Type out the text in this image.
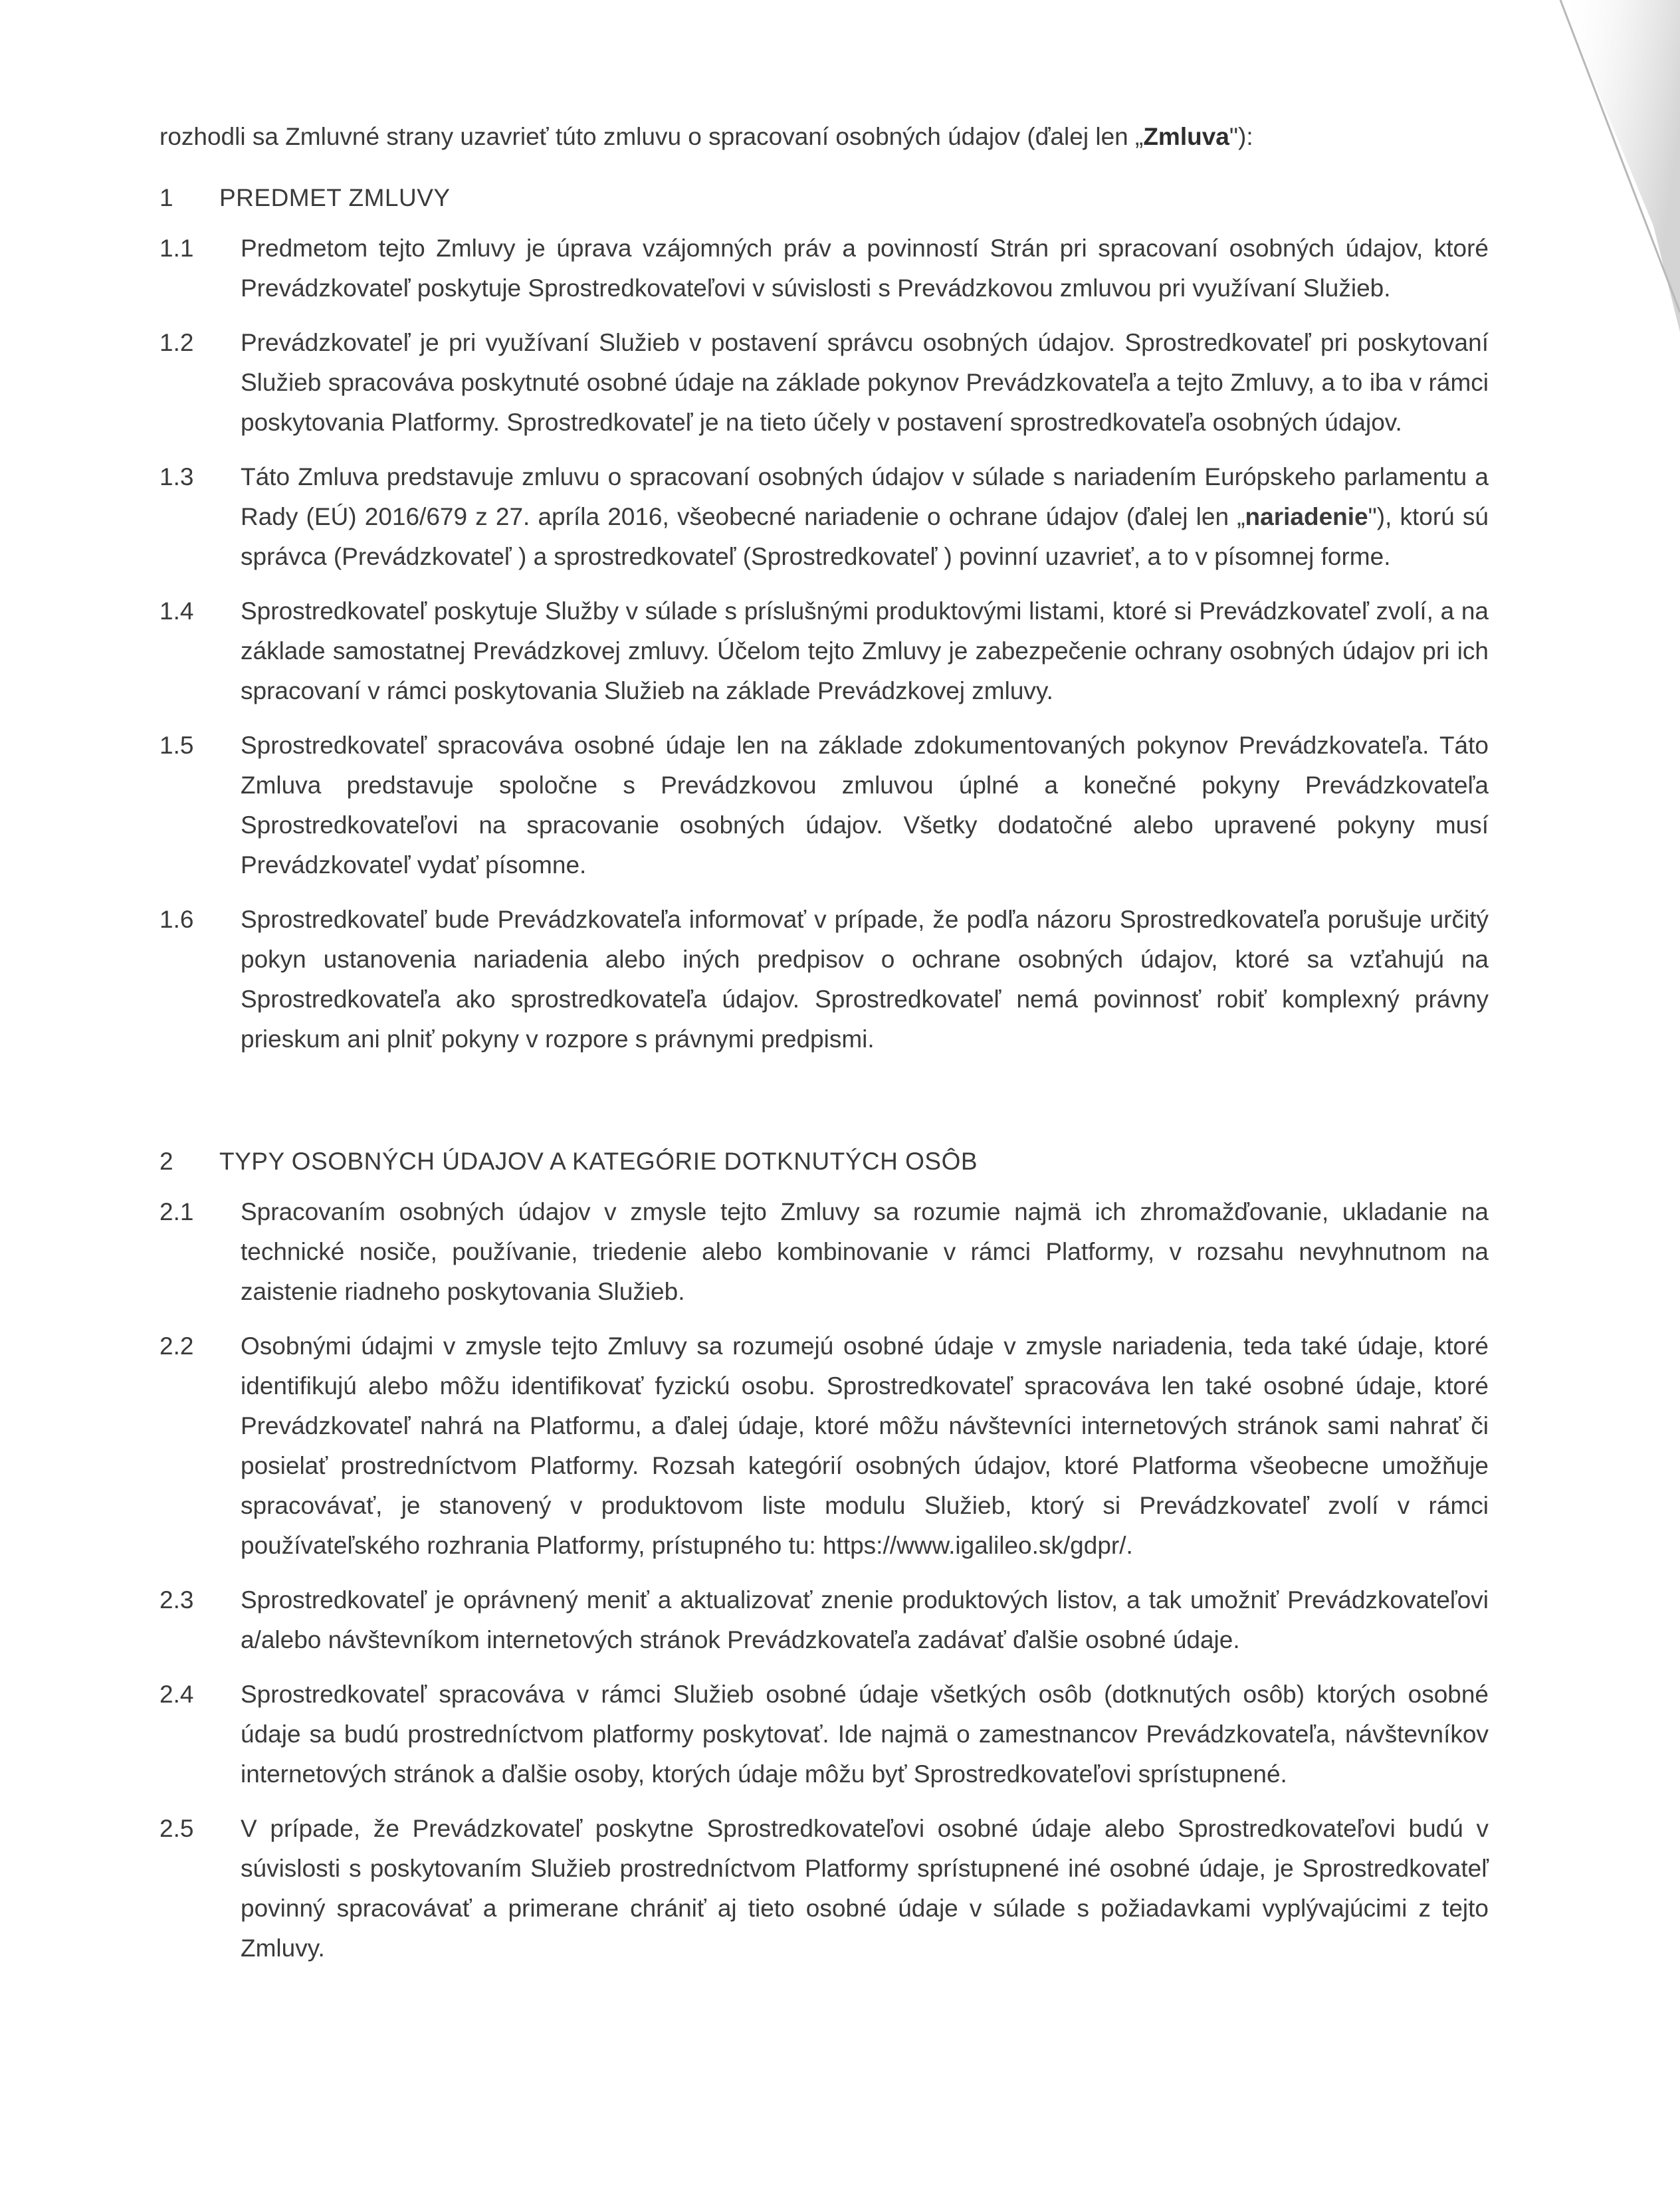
rozhodli sa Zmluvné strany uzavrieť túto zmluvu o spracovaní osobných údajov (ďalej len „Zmluva"):

1	PREDMET ZMLUVY
1.1	Predmetom tejto Zmluvy je úprava vzájomných práv a povinností Strán pri spracovaní osobných údajov, ktoré Prevádzkovateľ poskytuje Sprostredkovateľovi v súvislosti s Prevádzkovou zmluvou pri využívaní Služieb.
1.2	Prevádzkovateľ je pri využívaní Služieb v postavení správcu osobných údajov. Sprostredkovateľ pri poskytovaní Služieb spracováva poskytnuté osobné údaje na základe pokynov Prevádzkovateľa a tejto Zmluvy, a to iba v rámci poskytovania Platformy. Sprostredkovateľ je na tieto účely v postavení sprostredkovateľa osobných údajov.
1.3	Táto Zmluva predstavuje zmluvu o spracovaní osobných údajov v súlade s nariadením Európskeho parlamentu a Rady (EÚ) 2016/679 z 27. apríla 2016, všeobecné nariadenie o ochrane údajov (ďalej len „nariadenie"), ktorú sú správca (Prevádzkovateľ ) a sprostredkovateľ (Sprostredkovateľ ) povinní uzavrieť, a to v písomnej forme.
1.4	Sprostredkovateľ poskytuje Služby v súlade s príslušnými produktovými listami, ktoré si Prevádzkovateľ zvolí, a na základe samostatnej Prevádzkovej zmluvy. Účelom tejto Zmluvy je zabezpečenie ochrany osobných údajov pri ich spracovaní v rámci poskytovania Služieb na základe Prevádzkovej zmluvy.
1.5	Sprostredkovateľ spracováva osobné údaje len na základe zdokumentovaných pokynov Prevádzkovateľa. Táto Zmluva predstavuje spoločne s Prevádzkovou zmluvou úplné a konečné pokyny Prevádzkovateľa Sprostredkovateľovi na spracovanie osobných údajov. Všetky dodatočné alebo upravené pokyny musí Prevádzkovateľ vydať písomne.
1.6	Sprostredkovateľ bude Prevádzkovateľa informovať v prípade, že podľa názoru Sprostredkovateľa porušuje určitý pokyn ustanovenia nariadenia alebo iných predpisov o ochrane osobných údajov, ktoré sa vzťahujú na Sprostredkovateľa ako sprostredkovateľa údajov. Sprostredkovateľ nemá povinnosť robiť komplexný právny prieskum ani plniť pokyny v rozpore s právnymi predpismi.
2	TYPY OSOBNÝCH ÚDAJOV A KATEGÓRIE DOTKNUTÝCH OSÔB
2.1	Spracovaním osobných údajov v zmysle tejto Zmluvy sa rozumie najmä ich zhromažďovanie, ukladanie na technické nosiče, používanie, triedenie alebo kombinovanie v rámci Platformy, v rozsahu nevyhnutnom na zaistenie riadneho poskytovania Služieb.
2.2	Osobnými údajmi v zmysle tejto Zmluvy sa rozumejú osobné údaje v zmysle nariadenia, teda také údaje, ktoré identifikujú alebo môžu identifikovať fyzickú osobu. Sprostredkovateľ spracováva len také osobné údaje, ktoré Prevádzkovateľ nahrá na Platformu, a ďalej údaje, ktoré môžu návštevníci internetových stránok sami nahrať či posielať prostredníctvom Platformy. Rozsah kategórií osobných údajov, ktoré Platforma všeobecne umožňuje spracovávať, je stanovený v produktovom liste modulu Služieb, ktorý si Prevádzkovateľ zvolí v rámci používateľského rozhrania Platformy, prístupného tu: https://www.igalileo.sk/gdpr/.
2.3	Sprostredkovateľ je oprávnený meniť a aktualizovať znenie produktových listov, a tak umožniť Prevádzkovateľovi a/alebo návštevníkom internetových stránok Prevádzkovateľa zadávať ďalšie osobné údaje.
2.4	Sprostredkovateľ spracováva v rámci Služieb osobné údaje všetkých osôb (dotknutých osôb) ktorých osobné údaje sa budú prostredníctvom platformy poskytovať. Ide najmä o zamestnancov Prevádzkovateľa, návštevníkov internetových stránok a ďalšie osoby, ktorých údaje môžu byť Sprostredkovateľovi sprístupnené.
2.5	V prípade, že Prevádzkovateľ poskytne Sprostredkovateľovi osobné údaje alebo Sprostredkovateľovi budú v súvislosti s poskytovaním Služieb prostredníctvom Platformy sprístupnené iné osobné údaje, je Sprostredkovateľ povinný spracovávať a primerane chrániť aj tieto osobné údaje v súlade s požiadavkami vyplývajúcimi z tejto Zmluvy.
